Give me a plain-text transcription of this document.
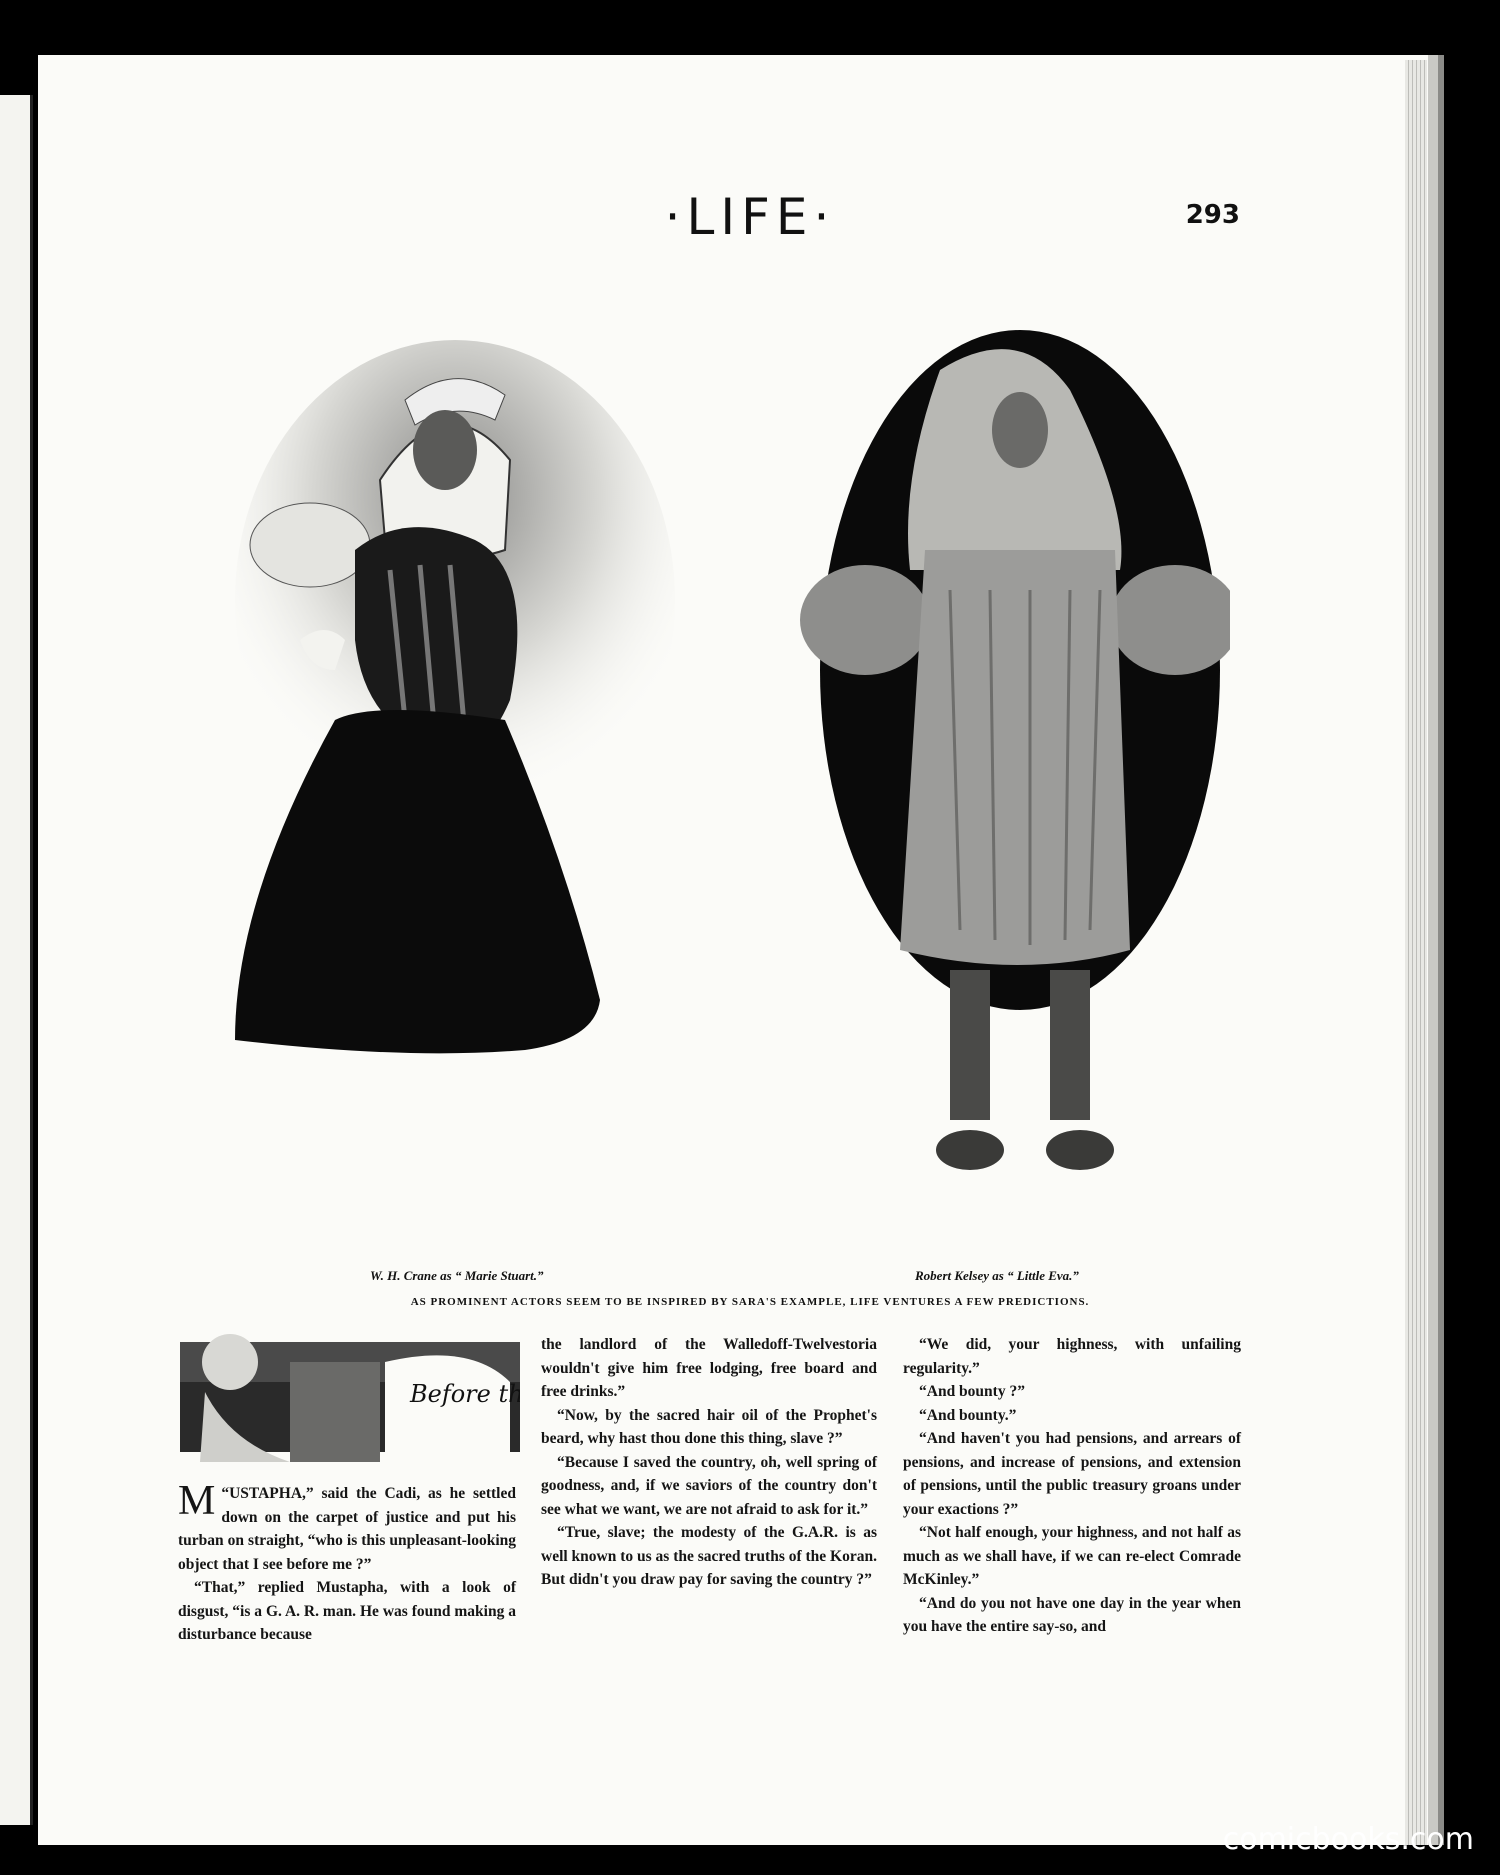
·LIFE·	293
W. H. Crane as “ Marie Stuart.”	Robert Kelsey as “ Little Eva.”
AS PROMINENT ACTORS SEEM TO BE INSPIRED BY SARA'S EXAMPLE, LIFE VENTURES A FEW PREDICTIONS.
Before t

M “USTAPHA,” said the Cadi, as he settled down on the carpet of justice and put his turban on straight, “who is this unpleasant-looking object that I see before me ?”

“That,” replied Mustapha, with a look of disgust, “is a G. A. R. man. He was found making a disturbance because

the landlord of the Walledoff-Twelvestoria wouldn't give him free lodging, free board and free drinks.”

“Now, by the sacred hair oil of the Prophet's beard, why hast thou done this thing, slave ?”

“Because I saved the country, oh, well spring of goodness, and, if we saviors of the country don't see what we want, we are not afraid to ask for it.”

“True, slave; the modesty of the G.A.R. is as well known to us as the sacred truths of the Koran. But didn't you draw pay for saving the country ?”

“We did, your highness, with unfailing regularity.”

“And bounty ?”

“And bounty.”

“And haven't you had pensions, and arrears of pensions, and increase of pensions, and extension of pensions, until the public treasury groans under your exactions ?”

“Not half enough, your highness, and not half as much as we shall have, if we can re-elect Comrade McKinley.”

“And do you not have one day in the year when you have the entire say-so, and

comicbooks.com
